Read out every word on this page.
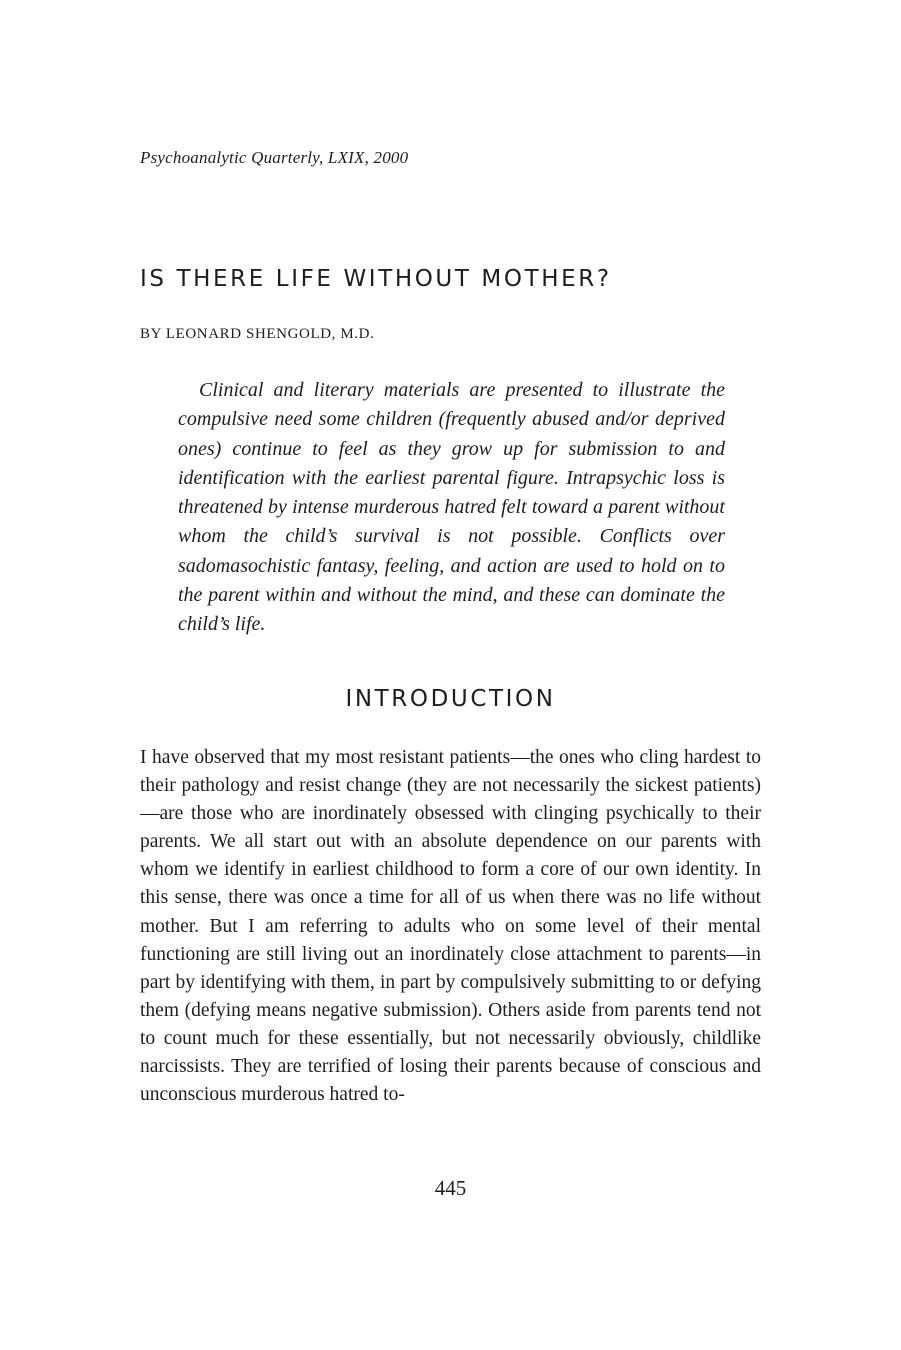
Psychoanalytic Quarterly, LXIX, 2000
IS THERE LIFE WITHOUT MOTHER?
BY LEONARD SHENGOLD, M.D.

Clinical and literary materials are presented to illustrate the compulsive need some children (frequently abused and/or deprived ones) continue to feel as they grow up for submission to and identification with the earliest parental figure. Intrapsychic loss is threatened by intense murderous hatred felt toward a parent without whom the child’s survival is not possible. Conflicts over sadomasochistic fantasy, feeling, and action are used to hold on to the parent within and without the mind, and these can dominate the child’s life.

INTRODUCTION

I have observed that my most resistant patients—the ones who cling hardest to their pathology and resist change (they are not necessarily the sickest patients)—are those who are inordinately obsessed with clinging psychically to their parents. We all start out with an absolute dependence on our parents with whom we identify in earliest childhood to form a core of our own identity. In this sense, there was once a time for all of us when there was no life without mother. But I am referring to adults who on some level of their mental functioning are still living out an inordinately close attachment to parents—in part by identifying with them, in part by compulsively submitting to or defying them (defying means negative submission). Others aside from parents tend not to count much for these essentially, but not necessarily obviously, childlike narcissists. They are terrified of losing their parents because of conscious and unconscious murderous hatred to-

445
